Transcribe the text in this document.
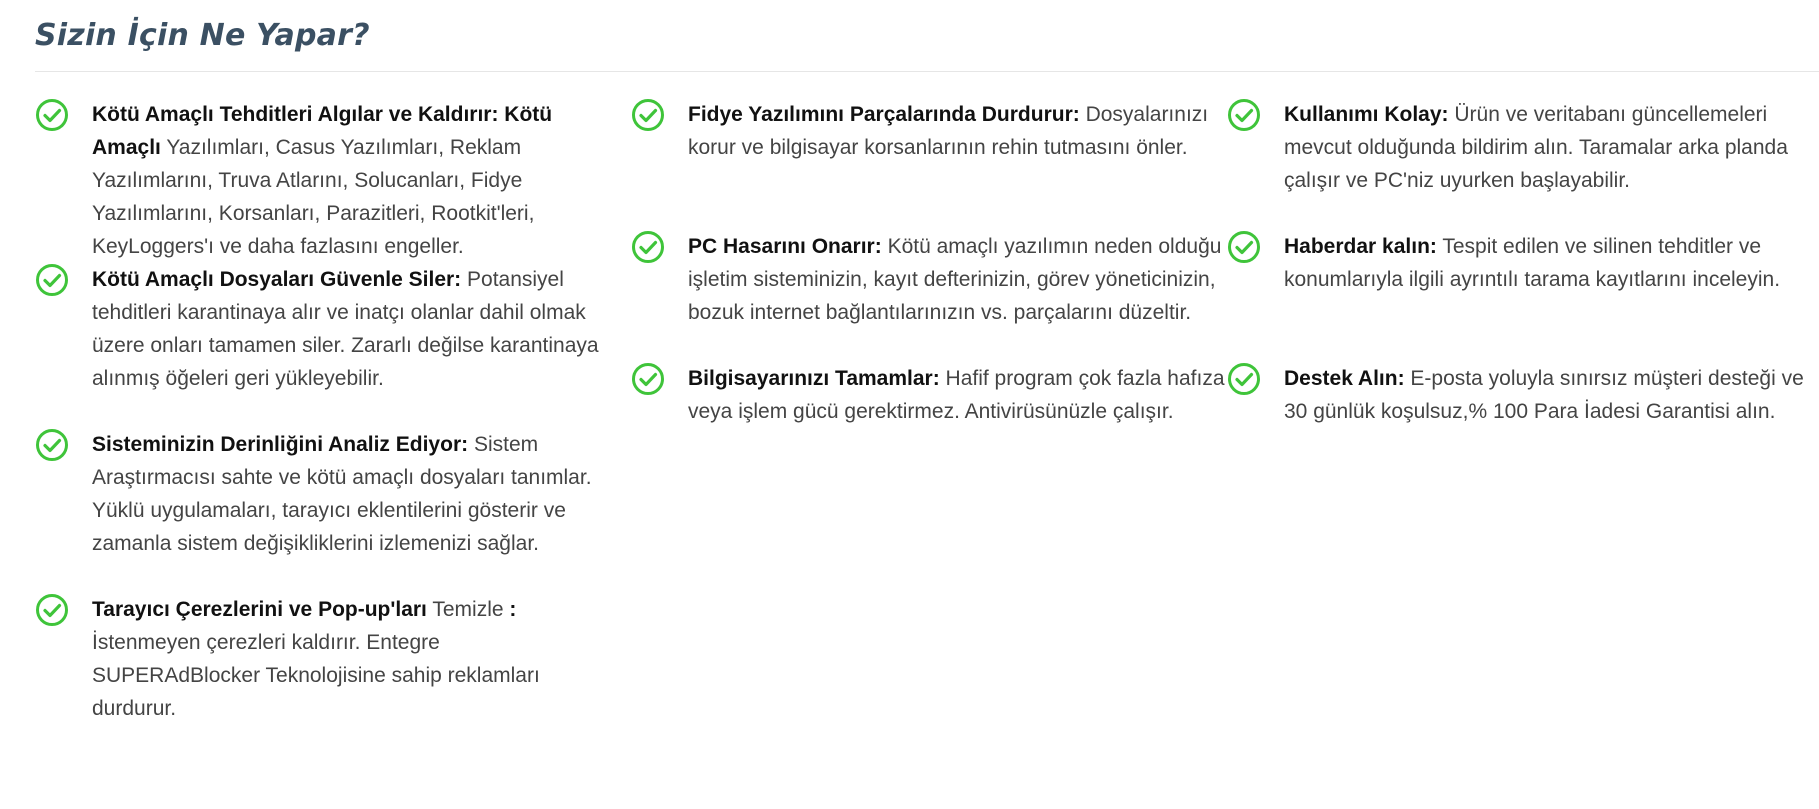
Sizin İçin Ne Yapar?

Kötü Amaçlı Tehditleri Algılar ve Kaldırır: Kötü Amaçlı Yazılımları, Casus Yazılımları, Reklam Yazılımlarını, Truva Atlarını, Solucanları, Fidye Yazılımlarını, Korsanları, Parazitleri, Rootkit'leri, KeyLoggers'ı ve daha fazlasını engeller.

Kötü Amaçlı Dosyaları Güvenle Siler: Potansiyel tehditleri karantinaya alır ve inatçı olanlar dahil olmak üzere onları tamamen siler. Zararlı değilse karantinaya alınmış öğeleri geri yükleyebilir.

Sisteminizin Derinliğini Analiz Ediyor: Sistem Araştırmacısı sahte ve kötü amaçlı dosyaları tanımlar. Yüklü uygulamaları, tarayıcı eklentilerini gösterir ve zamanla sistem değişikliklerini izlemenizi sağlar.

Tarayıcı Çerezlerini ve Pop-up'ları Temizle : İstenmeyen çerezleri kaldırır. Entegre SUPERAdBlocker Teknolojisine sahip reklamları durdurur.

Fidye Yazılımını Parçalarında Durdurur: Dosyalarınızı korur ve bilgisayar korsanlarının rehin tutmasını önler.

PC Hasarını Onarır: Kötü amaçlı yazılımın neden olduğu işletim sisteminizin, kayıt defterinizin, görev yöneticinizin, bozuk internet bağlantılarınızın vs. parçalarını düzeltir.

Bilgisayarınızı Tamamlar: Hafif program çok fazla hafıza veya işlem gücü gerektirmez. Antivirüsünüzle çalışır.

Kullanımı Kolay: Ürün ve veritabanı güncellemeleri mevcut olduğunda bildirim alın. Taramalar arka planda çalışır ve PC'niz uyurken başlayabilir.

Haberdar kalın: Tespit edilen ve silinen tehditler ve konumlarıyla ilgili ayrıntılı tarama kayıtlarını inceleyin.

Destek Alın: E-posta yoluyla sınırsız müşteri desteği ve 30 günlük koşulsuz,% 100 Para İadesi Garantisi alın.
